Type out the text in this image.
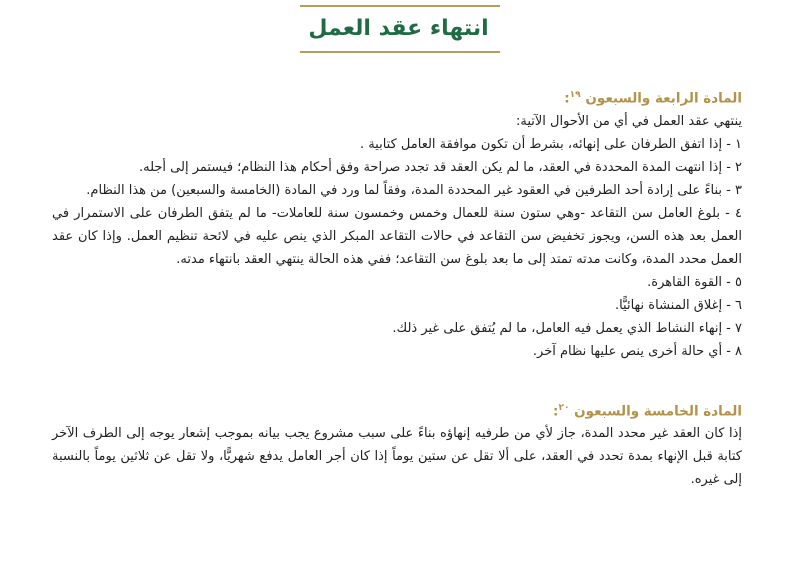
انتهاء عقد العمل

المادة الرابعة والسبعون $^{١٩}$:

ينتهي عقد العمل في أي من الأحوال الآتية:

١ - إذا اتفق الطرفان على إنهائه، بشرط أن تكون موافقة العامل كتابية .
٢ - إذا انتهت المدة المحددة في العقد، ما لم يكن العقد قد تجدد صراحة وفق أحكام هذا النظام؛ فيستمر إلى أجله.
٣ - بناءً على إرادة أحد الطرفين في العقود غير المحددة المدة، وفقاً لما ورد في المادة (الخامسة والسبعين) من هذا النظام.
٤ - بلوغ العامل سن التقاعد -وهي ستون سنة للعمال وخمس وخمسون سنة للعاملات- ما لم يتفق الطرفان على الاستمرار في العمل بعد هذه السن، ويجوز تخفيض سن التقاعد في حالات التقاعد المبكر الذي ينص عليه في لائحة تنظيم العمل. وإذا كان عقد العمل محدد المدة، وكانت مدته تمتد إلى ما بعد بلوغ سن التقاعد؛ ففي هذه الحالة ينتهي العقد بانتهاء مدته.
٥ - القوة القاهرة.
٦ - إغلاق المنشاة نهائيًّا.
٧ - إنهاء النشاط الذي يعمل فيه العامل، ما لم يُتفق على غير ذلك.
٨ - أي حالة أخرى ينص عليها نظام آخر.

المادة الخامسة والسبعون $^{٢٠}$:

إذا كان العقد غير محدد المدة، جاز لأي من طرفيه إنهاؤه بناءً على سبب مشروع يجب بيانه بموجب إشعار يوجه إلى الطرف الآخر كتابة قبل الإنهاء بمدة تحدد في العقد، على ألا تقل عن ستين يوماً إذا كان أجر العامل يدفع شهريًّا، ولا تقل عن ثلاثين يوماً بالنسبة إلى غيره.
